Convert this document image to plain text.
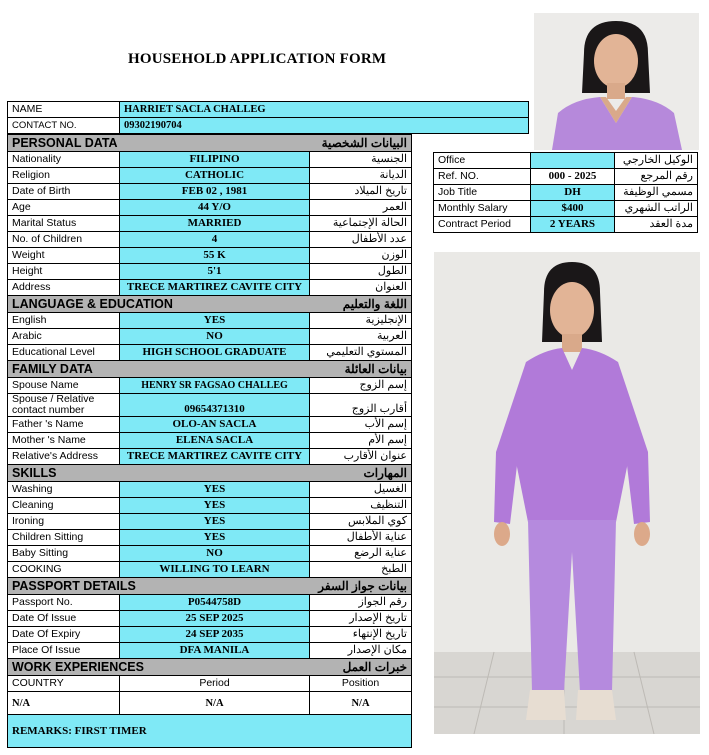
HOUSEHOLD APPLICATION FORM
NAME	HARRIET SACLA CHALLEG
CONTACT NO.	09302190704
PERSONAL DATA		البيانات الشخصية
Nationality	FILIPINO	الجنسية
Religion	CATHOLIC	الديانة
Date of Birth	FEB 02 , 1981	تاريخ الميلاد
Age	44 Y/O	العمر
Marital Status	MARRIED	الحالة الإجتماعية
No. of Children	4	عدد الأطفال
Weight	55 K	الوزن
Height	5'1	الطول
Address	TRECE MARTIREZ CAVITE CITY	العنوان
LANGUAGE & EDUCATION		اللغة والتعليم
English	YES	الإنجليزية
Arabic	NO	العربية
Educational Level	HIGH SCHOOL GRADUATE	المستوي التعليمي
FAMILY DATA		بيانات العائلة
Spouse Name	HENRY SR FAGSAO CHALLEG	إسم الزوج

Spouse / Relative
contact number	09654371310	أقارب الزوج
Father 's Name	OLO-AN SACLA	إسم الأب
Mother 's Name	ELENA SACLA	إسم الأم
Relative's Address	TRECE MARTIREZ CAVITE CITY	عنوان الأقارب
SKILLS		المهارات
Washing	YES	الغسيل
Cleaning	YES	التنظيف
Ironing	YES	كوي الملابس
Children Sitting	YES	عناية الأطفال
Baby Sitting	NO	عناية الرضع
COOKING	WILLING TO LEARN	الطبخ
PASSPORT DETAILS		بيانات جواز السفر
Passport No.	P0544758D	رقم الجواز
Date Of Issue	25 SEP 2025	تاريخ الإصدار
Date Of Expiry	24 SEP 2035	تاريخ الإنتهاء
Place Of Issue	DFA MANILA	مكان الإصدار
WORK EXPERIENCES		خبرات العمل
COUNTRY	Period	Position
N/A	N/A	N/A
REMARKS: FIRST TIMER		
Office		الوكيل الخارجي
Ref. NO.	000 - 2025	رقم المرجع
Job Title	DH	مسمي الوظيفة
Monthly Salary	$400	الراتب الشهري
Contract Period	2 YEARS	مدة العقد
